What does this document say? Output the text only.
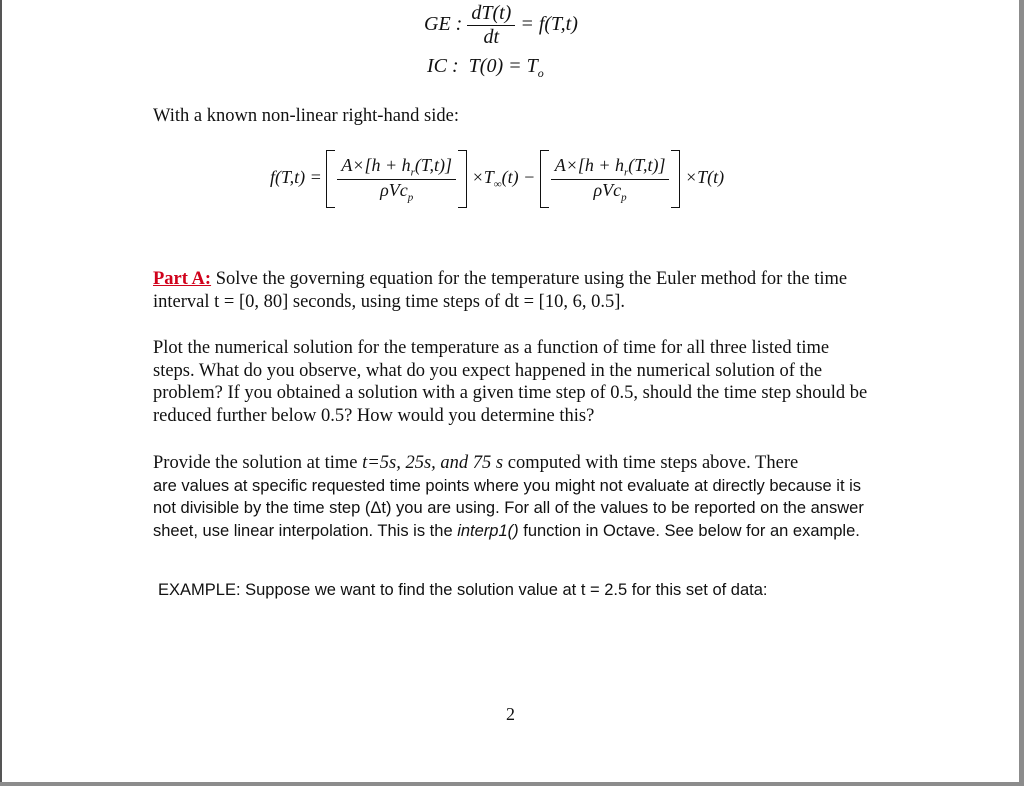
GE : $\frac{dT(t)}{dt} = f(T,t)$
IC : $T(0) = T_o$
With a known non-linear right-hand side:
$f(T,t) = \frac{A\times[h + h_r(T,t)]}{\rho Vc_p} \times T_\infty(t) - \frac{A\times[h + h_r(T,t)]}{\rho Vc_p} \times T(t)$
Part A: Solve the governing equation for the temperature using the Euler method for the time interval t = [0, 80] seconds, using time steps of dt = [10, 6, 0.5].
Plot the numerical solution for the temperature as a function of time for all three listed time steps. What do you observe, what do you expect happened in the numerical solution of the problem? If you obtained a solution with a given time step of 0.5, should the time step should be reduced further below 0.5? How would you determine this?
Provide the solution at time t=5s, 25s, and 75 s computed with time steps above. There
are values at specific requested time points where you might not evaluate at directly because it is not divisible by the time step (Δt) you are using. For all of the values to be reported on the answer sheet, use linear interpolation. This is the interp1() function in Octave. See below for an example.
EXAMPLE: Suppose we want to find the solution value at t = 2.5 for this set of data:
2
